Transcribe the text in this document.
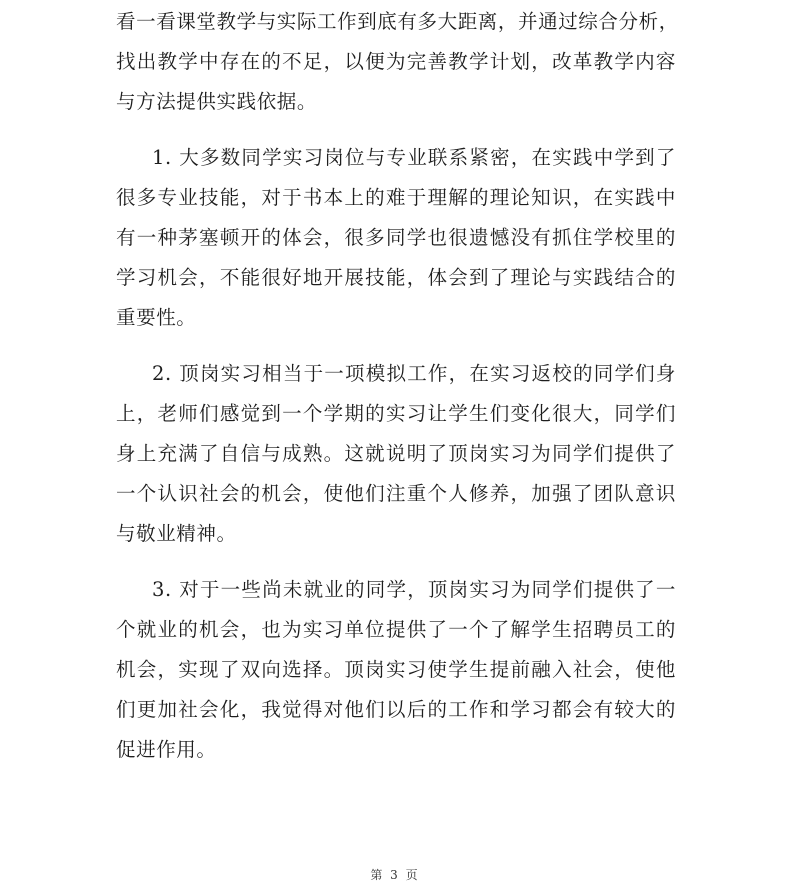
看一看课堂教学与实际工作到底有多大距离，并通过综合分析，
找出教学中存在的不足，以便为完善教学计划，改革教学内容
与方法提供实践依据。
1. 大多数同学实习岗位与专业联系紧密，在实践中学到了
很多专业技能，对于书本上的难于理解的理论知识，在实践中
有一种茅塞顿开的体会，很多同学也很遗憾没有抓住学校里的
学习机会，不能很好地开展技能，体会到了理论与实践结合的
重要性。
2. 顶岗实习相当于一项模拟工作，在实习返校的同学们身
上，老师们感觉到一个学期的实习让学生们变化很大，同学们
身上充满了自信与成熟。这就说明了顶岗实习为同学们提供了
一个认识社会的机会，使他们注重个人修养，加强了团队意识
与敬业精神。
3. 对于一些尚未就业的同学，顶岗实习为同学们提供了一
个就业的机会，也为实习单位提供了一个了解学生招聘员工的
机会，实现了双向选择。顶岗实习使学生提前融入社会，使他
们更加社会化，我觉得对他们以后的工作和学习都会有较大的
促进作用。
第 3 页
